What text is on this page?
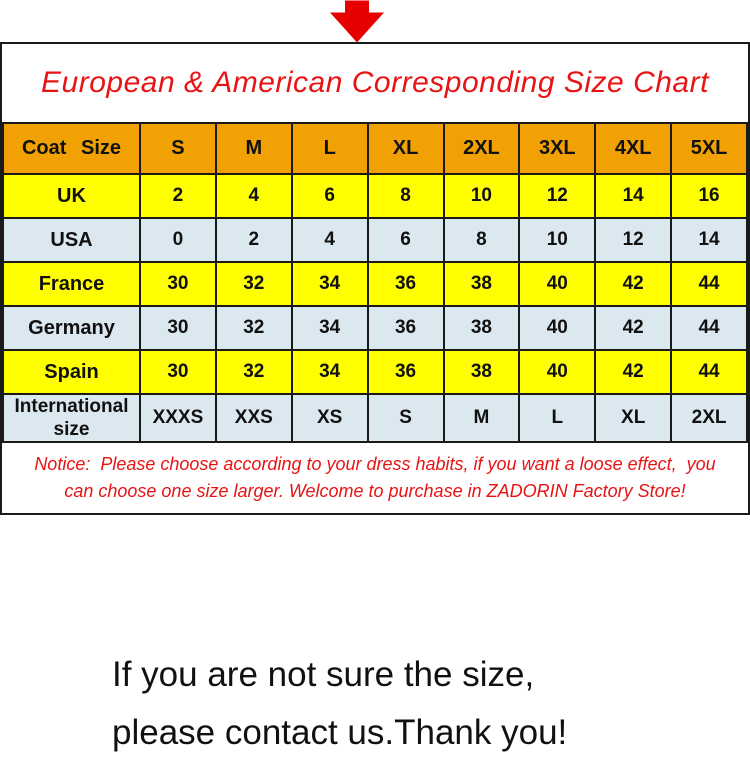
European & American Corresponding Size Chart
Coat Size	S	M	L	XL	2XL	3XL	4XL	5XL
UK	2	4	6	8	10	12	14	16
USA	0	2	4	6	8	10	12	14
France	30	32	34	36	38	40	42	44
Germany	30	32	34	36	38	40	42	44
Spain	30	32	34	36	38	40	42	44
International size	XXXS	XXS	XS	S	M	L	XL	2XL
Notice:  Please choose according to your dress habits, if you want a loose effect,  you
can choose one size larger. Welcome to purchase in ZADORIN Factory Store!
If you are not sure the size,
please contact us.Thank you!
